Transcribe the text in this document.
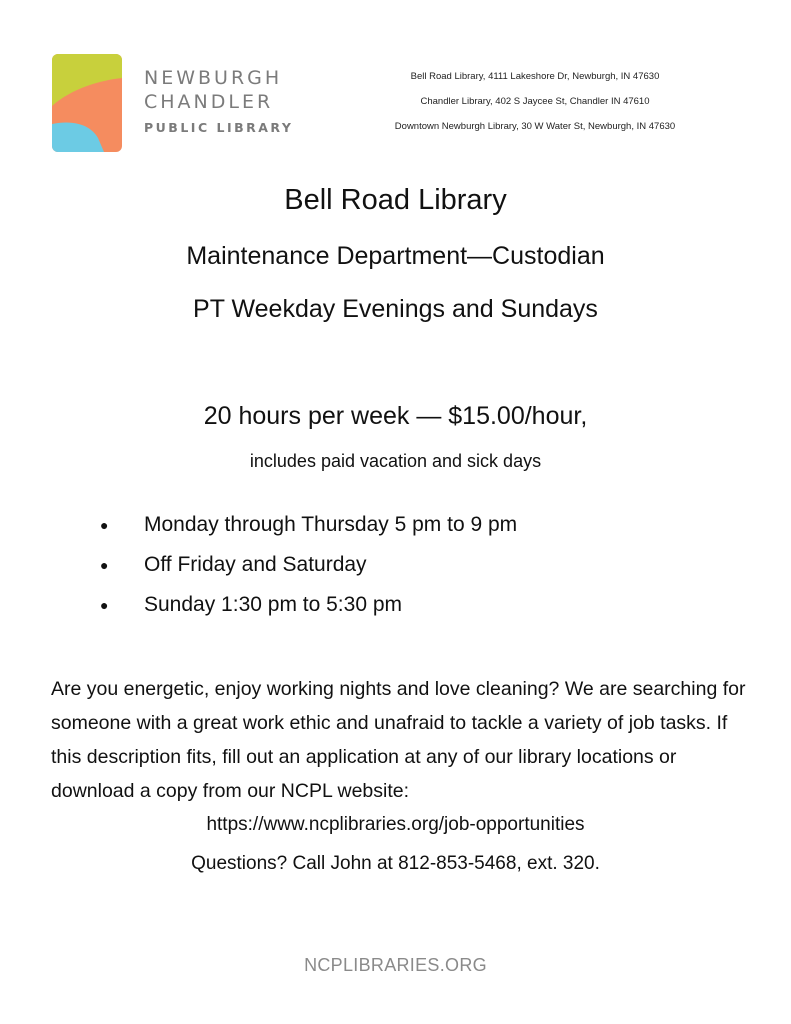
NEWBURGH
CHANDLER
PUBLIC LIBRARY
Bell Road Library, 4111 Lakeshore Dr, Newburgh, IN 47630
Chandler Library, 402 S Jaycee St, Chandler IN 47610
Downtown Newburgh Library, 30 W Water St, Newburgh, IN 47630
Bell Road Library
Maintenance Department—Custodian
PT Weekday Evenings and Sundays
20 hours per week — $15.00/hour,
includes paid vacation and sick days
● Monday through Thursday 5 pm to 9 pm
● Off Friday and Saturday
● Sunday 1:30 pm to 5:30 pm

Are you energetic, enjoy working nights and love cleaning? We are searching for someone with a great work ethic and unafraid to tackle a variety of job tasks. If this description fits, fill out an application at any of our library locations or download a copy from our NCPL website:

https://www.ncplibraries.org/job-opportunities
Questions? Call John at 812-853-5468, ext. 320.
NCPLIBRARIES.ORG
